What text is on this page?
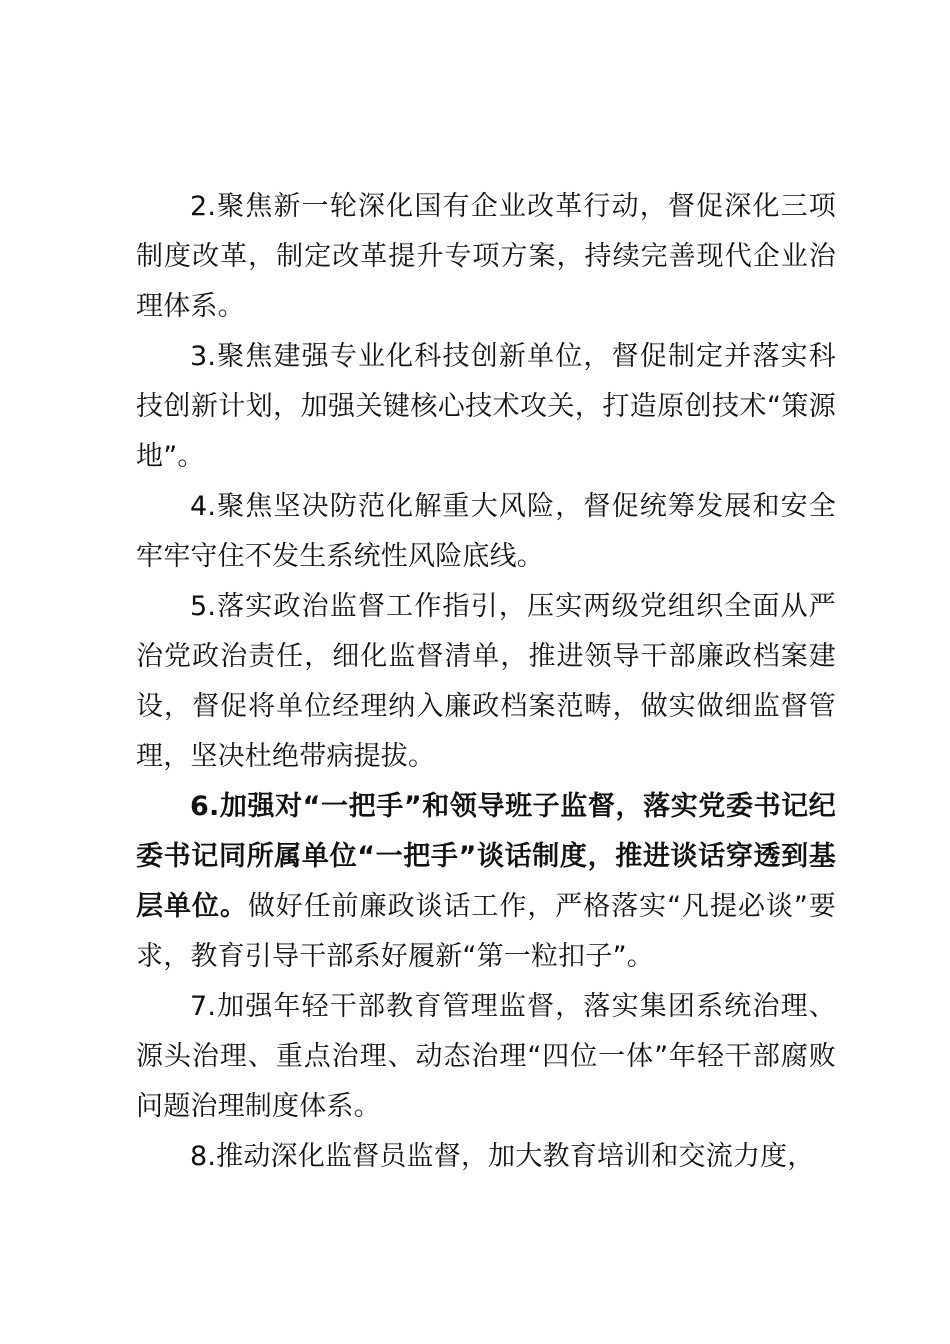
2.聚焦新一轮深化国有企业改革行动，督促深化三项制度改革，制定改革提升专项方案，持续完善现代企业治理体系。

3.聚焦建强专业化科技创新单位，督促制定并落实科技创新计划，加强关键核心技术攻关，打造原创技术“策源地”。

4.聚焦坚决防范化解重大风险，督促统筹发展和安全牢牢守住不发生系统性风险底线。

5.落实政治监督工作指引，压实两级党组织全面从严治党政治责任，细化监督清单，推进领导干部廉政档案建设，督促将单位经理纳入廉政档案范畴，做实做细监督管理，坚决杜绝带病提拔。

6.加强对“一把手”和领导班子监督，落实党委书记纪委书记同所属单位“一把手”谈话制度，推进谈话穿透到基层单位。做好任前廉政谈话工作，严格落实“凡提必谈”要求，教育引导干部系好履新“第一粒扣子”。

7.加强年轻干部教育管理监督，落实集团系统治理、源头治理、重点治理、动态治理“四位一体”年轻干部腐败问题治理制度体系。

8.推动深化监督员监督，加大教育培训和交流力度，
